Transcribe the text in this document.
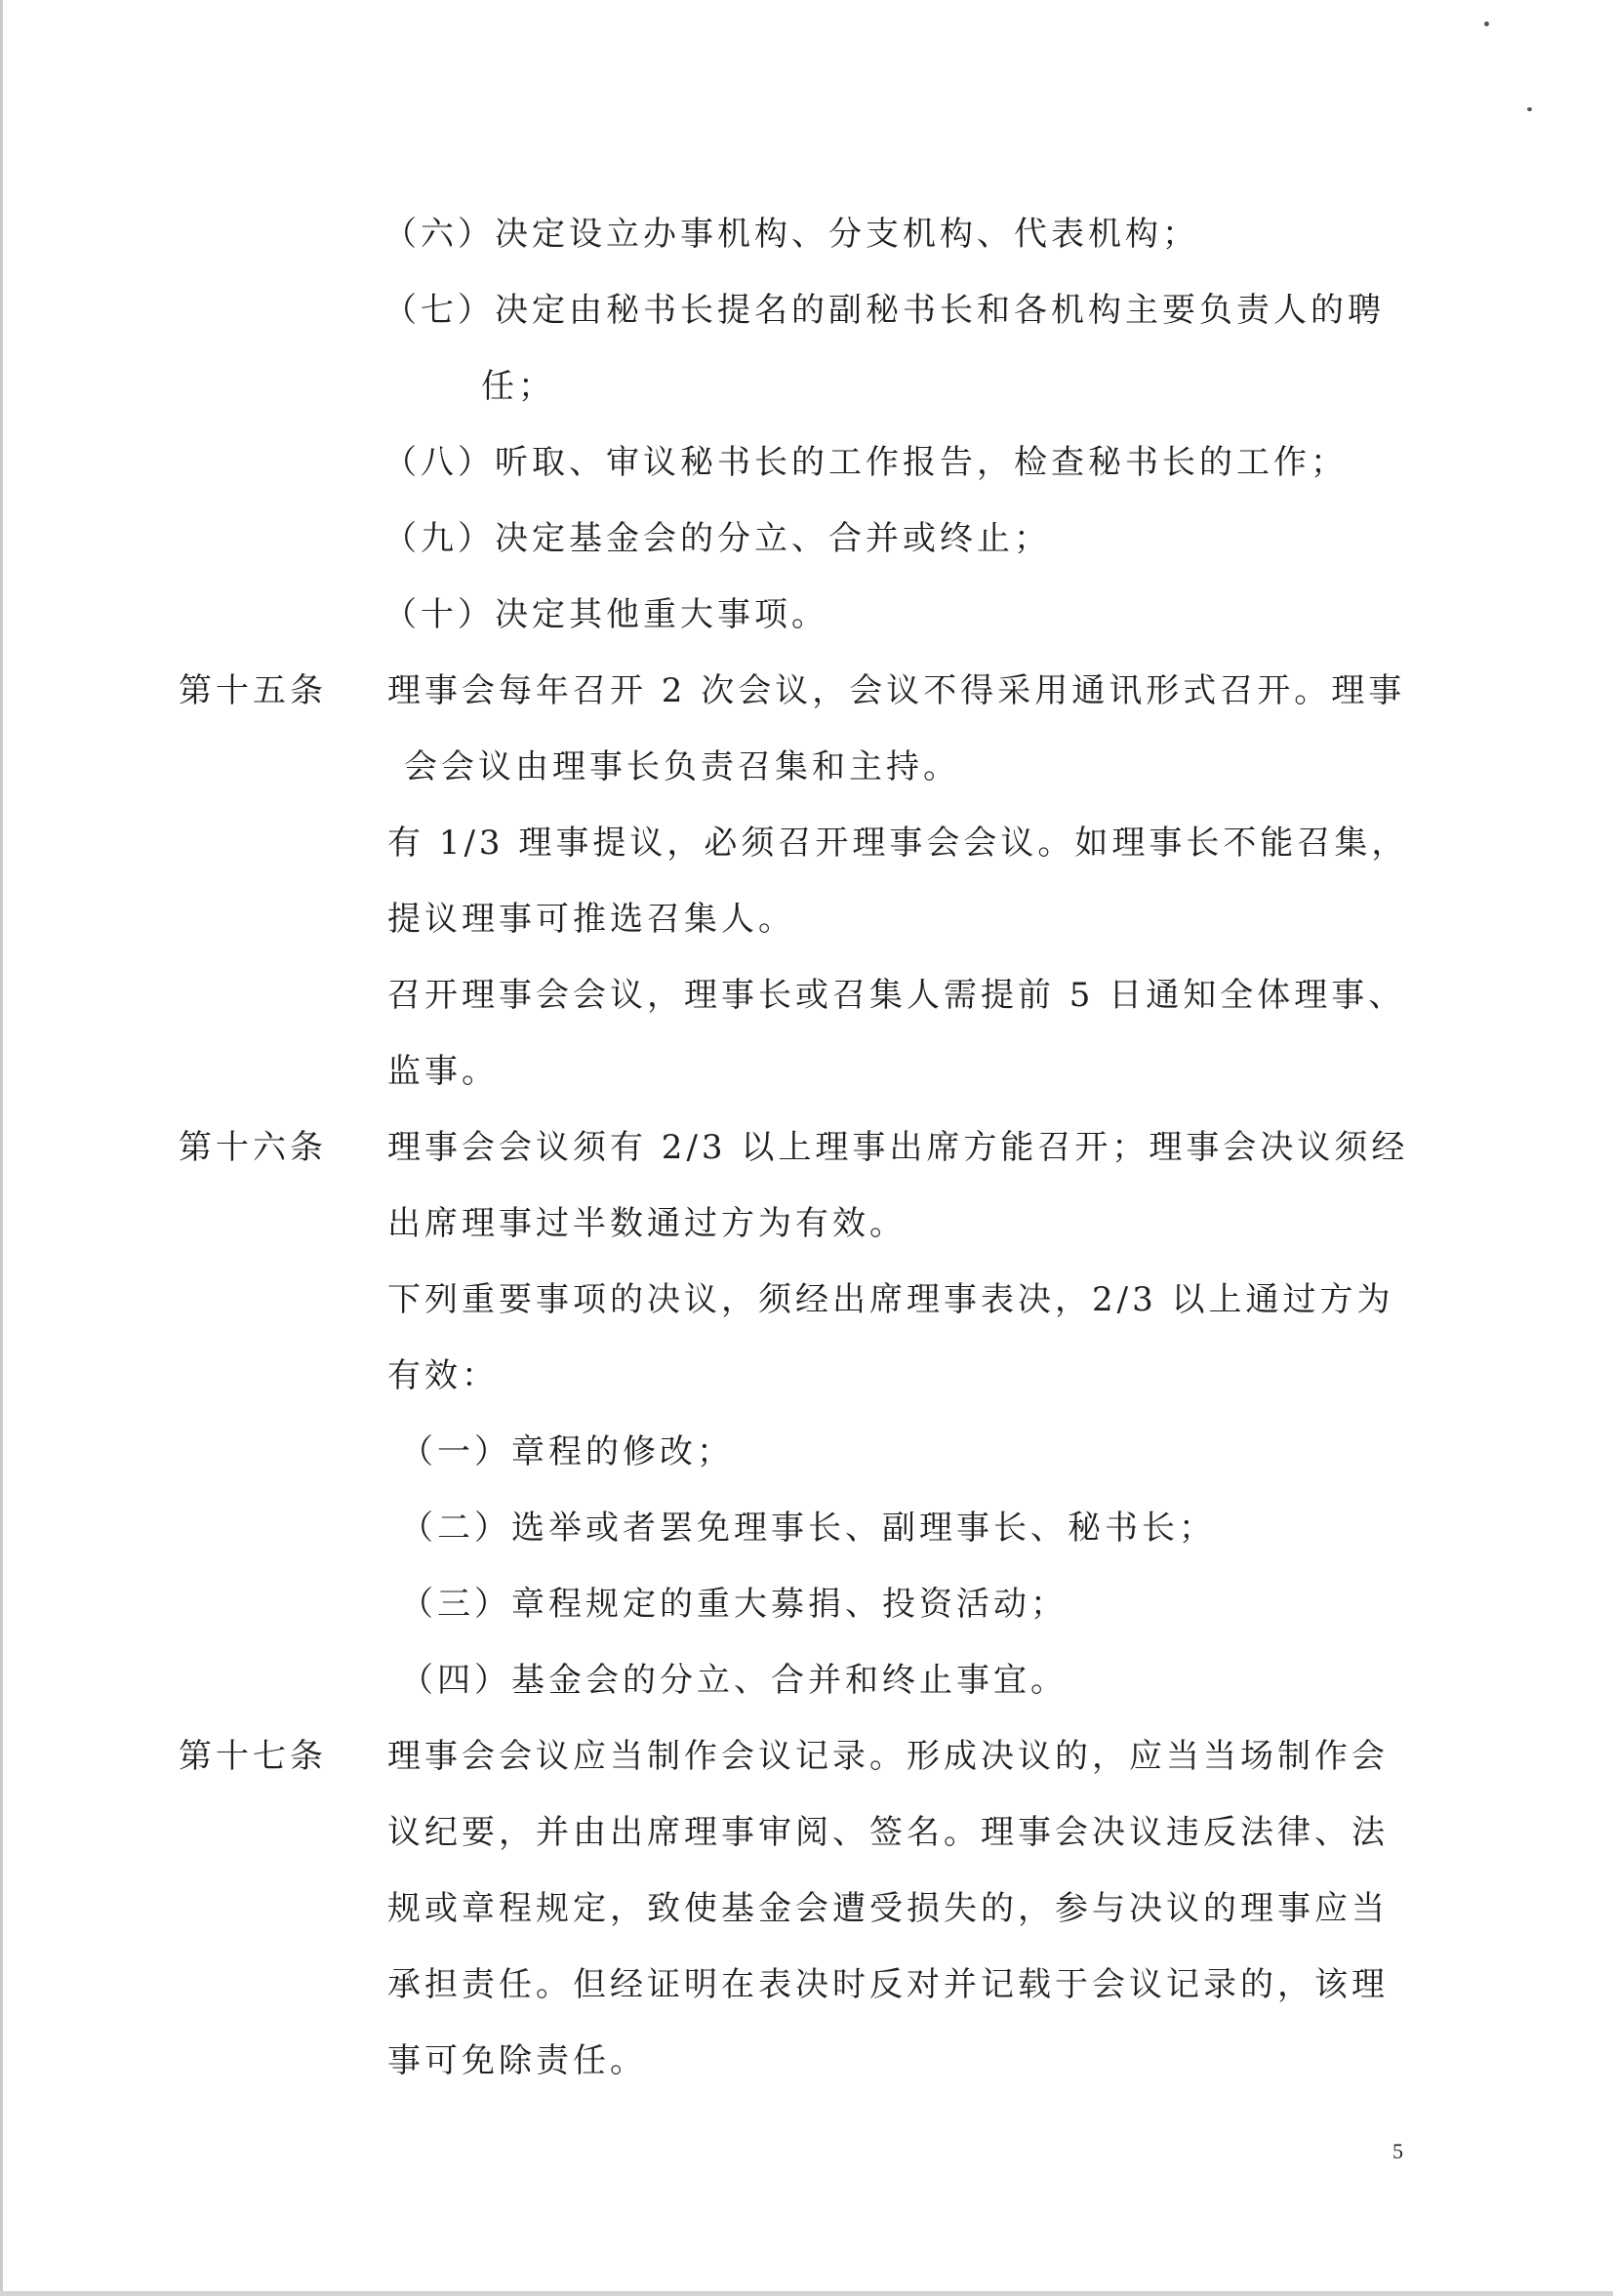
（六）决定设立办事机构、分支机构、代表机构；
（七）决定由秘书长提名的副秘书长和各机构主要负责人的聘
任；
（八）听取、审议秘书长的工作报告，检查秘书长的工作；
（九）决定基金会的分立、合并或终止；
（十）决定其他重大事项。
第十五条 理事会每年召开 2 次会议，会议不得采用通讯形式召开。理事
会会议由理事长负责召集和主持。
有 1/3 理事提议，必须召开理事会会议。如理事长不能召集，
提议理事可推选召集人。
召开理事会会议，理事长或召集人需提前 5 日通知全体理事、
监事。
第十六条 理事会会议须有 2/3 以上理事出席方能召开；理事会决议须经
出席理事过半数通过方为有效。
下列重要事项的决议，须经出席理事表决，2/3 以上通过方为
有效：
（一）章程的修改；
（二）选举或者罢免理事长、副理事长、秘书长；
（三）章程规定的重大募捐、投资活动；
（四）基金会的分立、合并和终止事宜。
第十七条 理事会会议应当制作会议记录。形成决议的，应当当场制作会
议纪要，并由出席理事审阅、签名。理事会决议违反法律、法
规或章程规定，致使基金会遭受损失的，参与决议的理事应当
承担责任。但经证明在表决时反对并记载于会议记录的，该理
事可免除责任。
5
